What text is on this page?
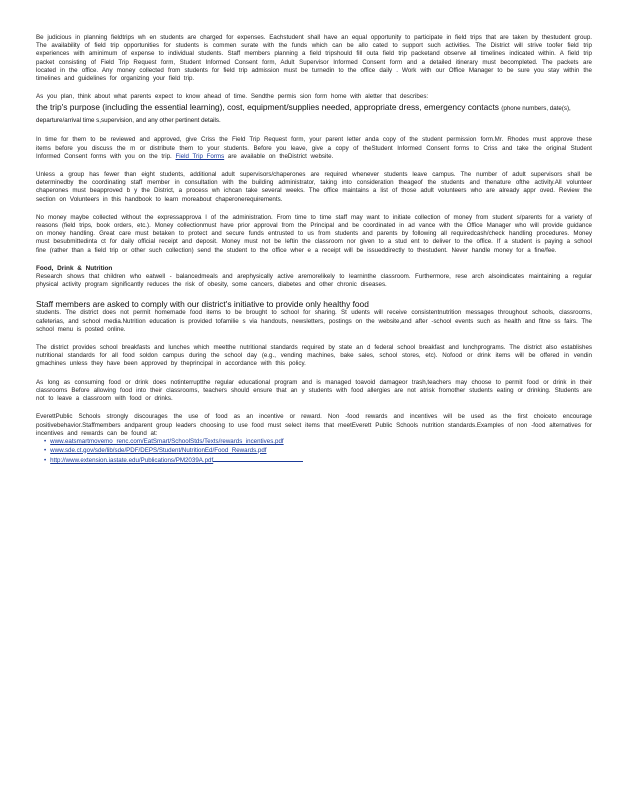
Be judicious in planning fieldtrips wh en students are charged for expenses. Eachstudent shall have an equal opportunity to participate in field trips that are taken by thestudent group. The availability of field trip opportunities for students is commen surate with the funds which can be allo cated to support such activities. The District will strive toofer field trip experiences with aminimum of expense to individual students. Staff members planning a field tripshould fill outa field trip packetand observe all timelines indicated within. A field trip packet consisting of Field Trip Request form, Student Informed Consent form, Adult Supervisor Informed Consent form and a detailed itinerary must becompleted. The packets are located in the office. Any money collected from students for field trip admission must be turnedin to the office daily . Work with our Office Manager to be sure you stay within the timelines and guidelines for organizing your field trip.

As you plan, think about what parents expect to know ahead of time. Sendthe permis sion form home with aletter that describes:
the trip's purpose (including the essential learning), cost, equipment/supplies needed, appropriate dress, emergency contacts (phone numbers, date(s), departure/arrival time s,supervision, and any other pertinent details.

In time for them to be reviewed and approved, give Criss the Field Trip Request form, your parent letter anda copy of the student permission form.Mr. Rhodes must approve these items before you discuss the m or distribute them to your students. Before you leave, give a copy of theStudent Informed Consent forms to Criss and take the original Student Informed Consent forms with you on the trip. Field Trip Forms are available on theDistrict website.

Unless a group has fewer than eight students, additional adult supervisors/chaperones are required whenever students leave campus. The number of adult supervisors shall be determinedby the coordinating staff member in consultation with the building administrator, taking into consideration theageof the students and thenature ofthe activity.All volunteer chaperones must beapproved b y the District, a process wh ichcan take several weeks. The office maintains a list of those adult volunteers who are already appr oved. Review the section on Volunteers in this handbook to learn moreabout chaperonerequirements.

No money maybe collected without the expressapprova l of the administration. From time to time staff may want to initiate collection of money from student s/parents for a variety of reasons (field trips, book orders, etc.). Money collectionmust have prior approval from the Principal and be coordinated in ad vance with the Office Manager who will provide guidance on money handling. Great care must betaken to protect and secure funds entrusted to us from students and parents by following all requiredcash/check handling procedures. Money must besubmittedinta ct for daily official receipt and deposit. Money must not be leftin the classroom nor given to a stud ent to deliver to the office. If a student is paying a school fine (rather than a field trip or other such collection) send the student to the office wher e a receipt will be issueddirectly to thestudent. Never handle money for a fine/fee.

Food, Drink & Nutrition

Research shows that children who eatwell - balancedmeals and arephysically active aremorelikely to learninthe classroom. Furthermore, rese arch alsoindicates maintaining a regular physical activity program significantly reduces the risk of obesity, some cancers, diabetes and other chronic diseases.

Staff members are asked to comply with our district's initiative to provide only healthy food

students. The district does not permit homemade food items to be brought to school for sharing. St udents will receive consistentnutrition messages throughout schools, classrooms, cafeterias, and school media.Nutrition education is provided tofamilie s via handouts, newsletters, postings on the website,and after -school events such as health and fitne ss fairs. The school menu is posted online.

The district provides school breakfasts and lunches which meetthe nutritional standards required by state an d federal school breakfast and lunchprograms. The district also establishes nutritional standards for all food soldon campus during the school day (e.g., vending machines, bake sales, school stores, etc). Nofood or drink items will be offered in vendin gmachines unless they have been approved by theprincipal in accordance with this policy.

As long as consuming food or drink does notinterruptthe regular educational program and is managed toavoid damageor trash,teachers may choose to permit food or drink in their classrooms Before allowing food into their classrooms, teachers should ensure that an y students with food allergies are not atrisk fromother students eating or drinking. Students are not to leave a classroom with food or drinks.

EverettPublic Schools strongly discourages the use of food as an incentive or reward. Non -food rewards and incentives will be used as the first choiceto encourage positivebehavior.Staffmembers andparent group leaders choosing to use food must select items that meetEverett Public Schools nutrition standards.Examples of non -food alternatives for incentives and rewards can be found at:

• www.eatsmartmovemo renc.com/EatSmart/SchoolStds/Texts/rewards_incentives.pdf
• www.sde.ct.gov/sde/lib/sde/PDF/DEPS/Student/NutritionEd/Food_Rewards.pdf
• http://www.extension.iastate.edu/Publications/PM2039A.pdf
